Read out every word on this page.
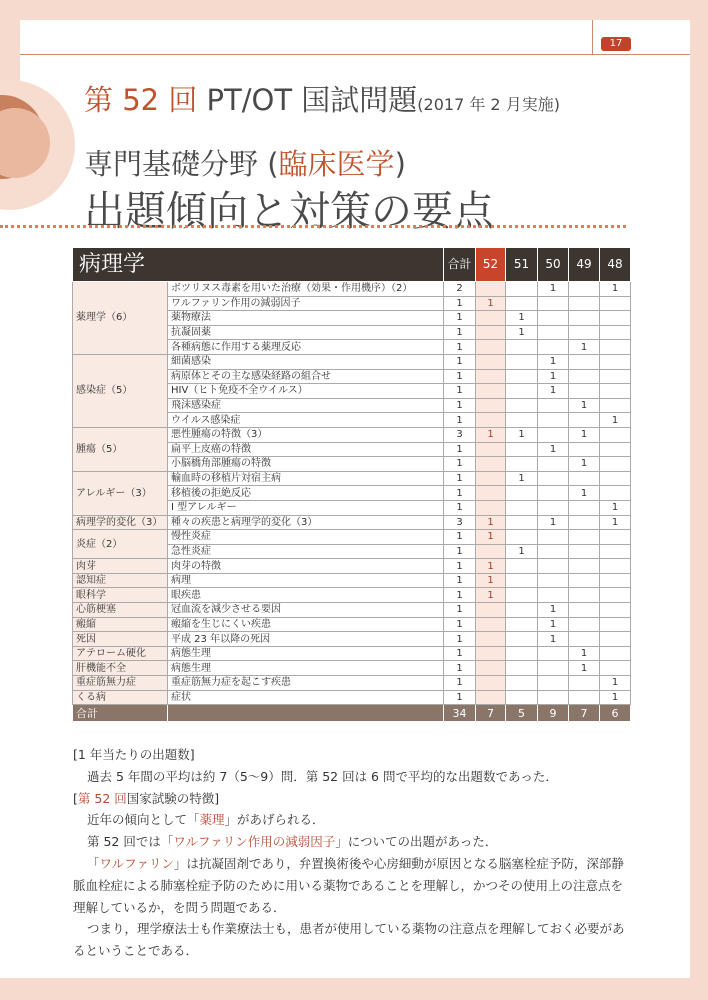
17
第 52 回 PT/OT 国試問題(2017 年 2 月実施)
専門基礎分野 (臨床医学)
出題傾向と対策の要点
病理学		合計	52	51	50	49	48
薬理学（6）	ボツリヌス毒素を用いた治療（効果・作用機序）（2）	2			1		1
	ワルファリン作用の減弱因子	1	1				
	薬物療法	1		1			
	抗凝固薬	1		1			
	各種病態に作用する薬理反応	1				1	
感染症（5）	細菌感染	1			1		
	病原体とその主な感染経路の組合せ	1			1		
	HIV（ヒト免疫不全ウイルス）	1			1		
	飛沫感染症	1				1	
	ウイルス感染症	1					1
腫瘍（5）	悪性腫瘍の特徴（3）	3	1	1		1	
	扁平上皮癌の特徴	1			1		
	小脳橋角部腫瘍の特徴	1				1	
アレルギー（3）	輸血時の移植片対宿主病	1		1			
	移植後の拒絶反応	1				1	
	I 型アレルギー	1					1
病理学的変化（3）	種々の疾患と病理学的変化（3）	3	1		1		1
炎症（2）	慢性炎症	1	1				
	急性炎症	1		1			
肉芽	肉芽の特徴	1	1				
認知症	病理	1	1				
眼科学	眼疾患	1	1				
心筋梗塞	冠血流を減少させる要因	1			1		
瘢縮	瘢縮を生じにくい疾患	1			1		
死因	平成 23 年以降の死因	1			1		
アテローム硬化	病態生理	1				1	
肝機能不全	病態生理	1				1	
重症筋無力症	重症筋無力症を起こす疾患	1					1
くる病	症状	1					1
合計		34	7	5	9	7	6

[1 年当たりの出題数]

過去 5 年間の平均は約 7（5～9）問．第 52 回は 6 問で平均的な出題数であった．

[第 52 回国家試験の特徴]

近年の傾向として「薬理」があげられる．

第 52 回では「ワルファリン作用の減弱因子」についての出題があった．

「ワルファリン」は抗凝固剤であり，弁置換術後や心房細動が原因となる脳塞栓症予防，深部静脈血栓症による肺塞栓症予防のために用いる薬物であることを理解し，かつその使用上の注意点を理解しているか，を問う問題である．

つまり，理学療法士も作業療法士も，患者が使用している薬物の注意点を理解しておく必要があるということである．
